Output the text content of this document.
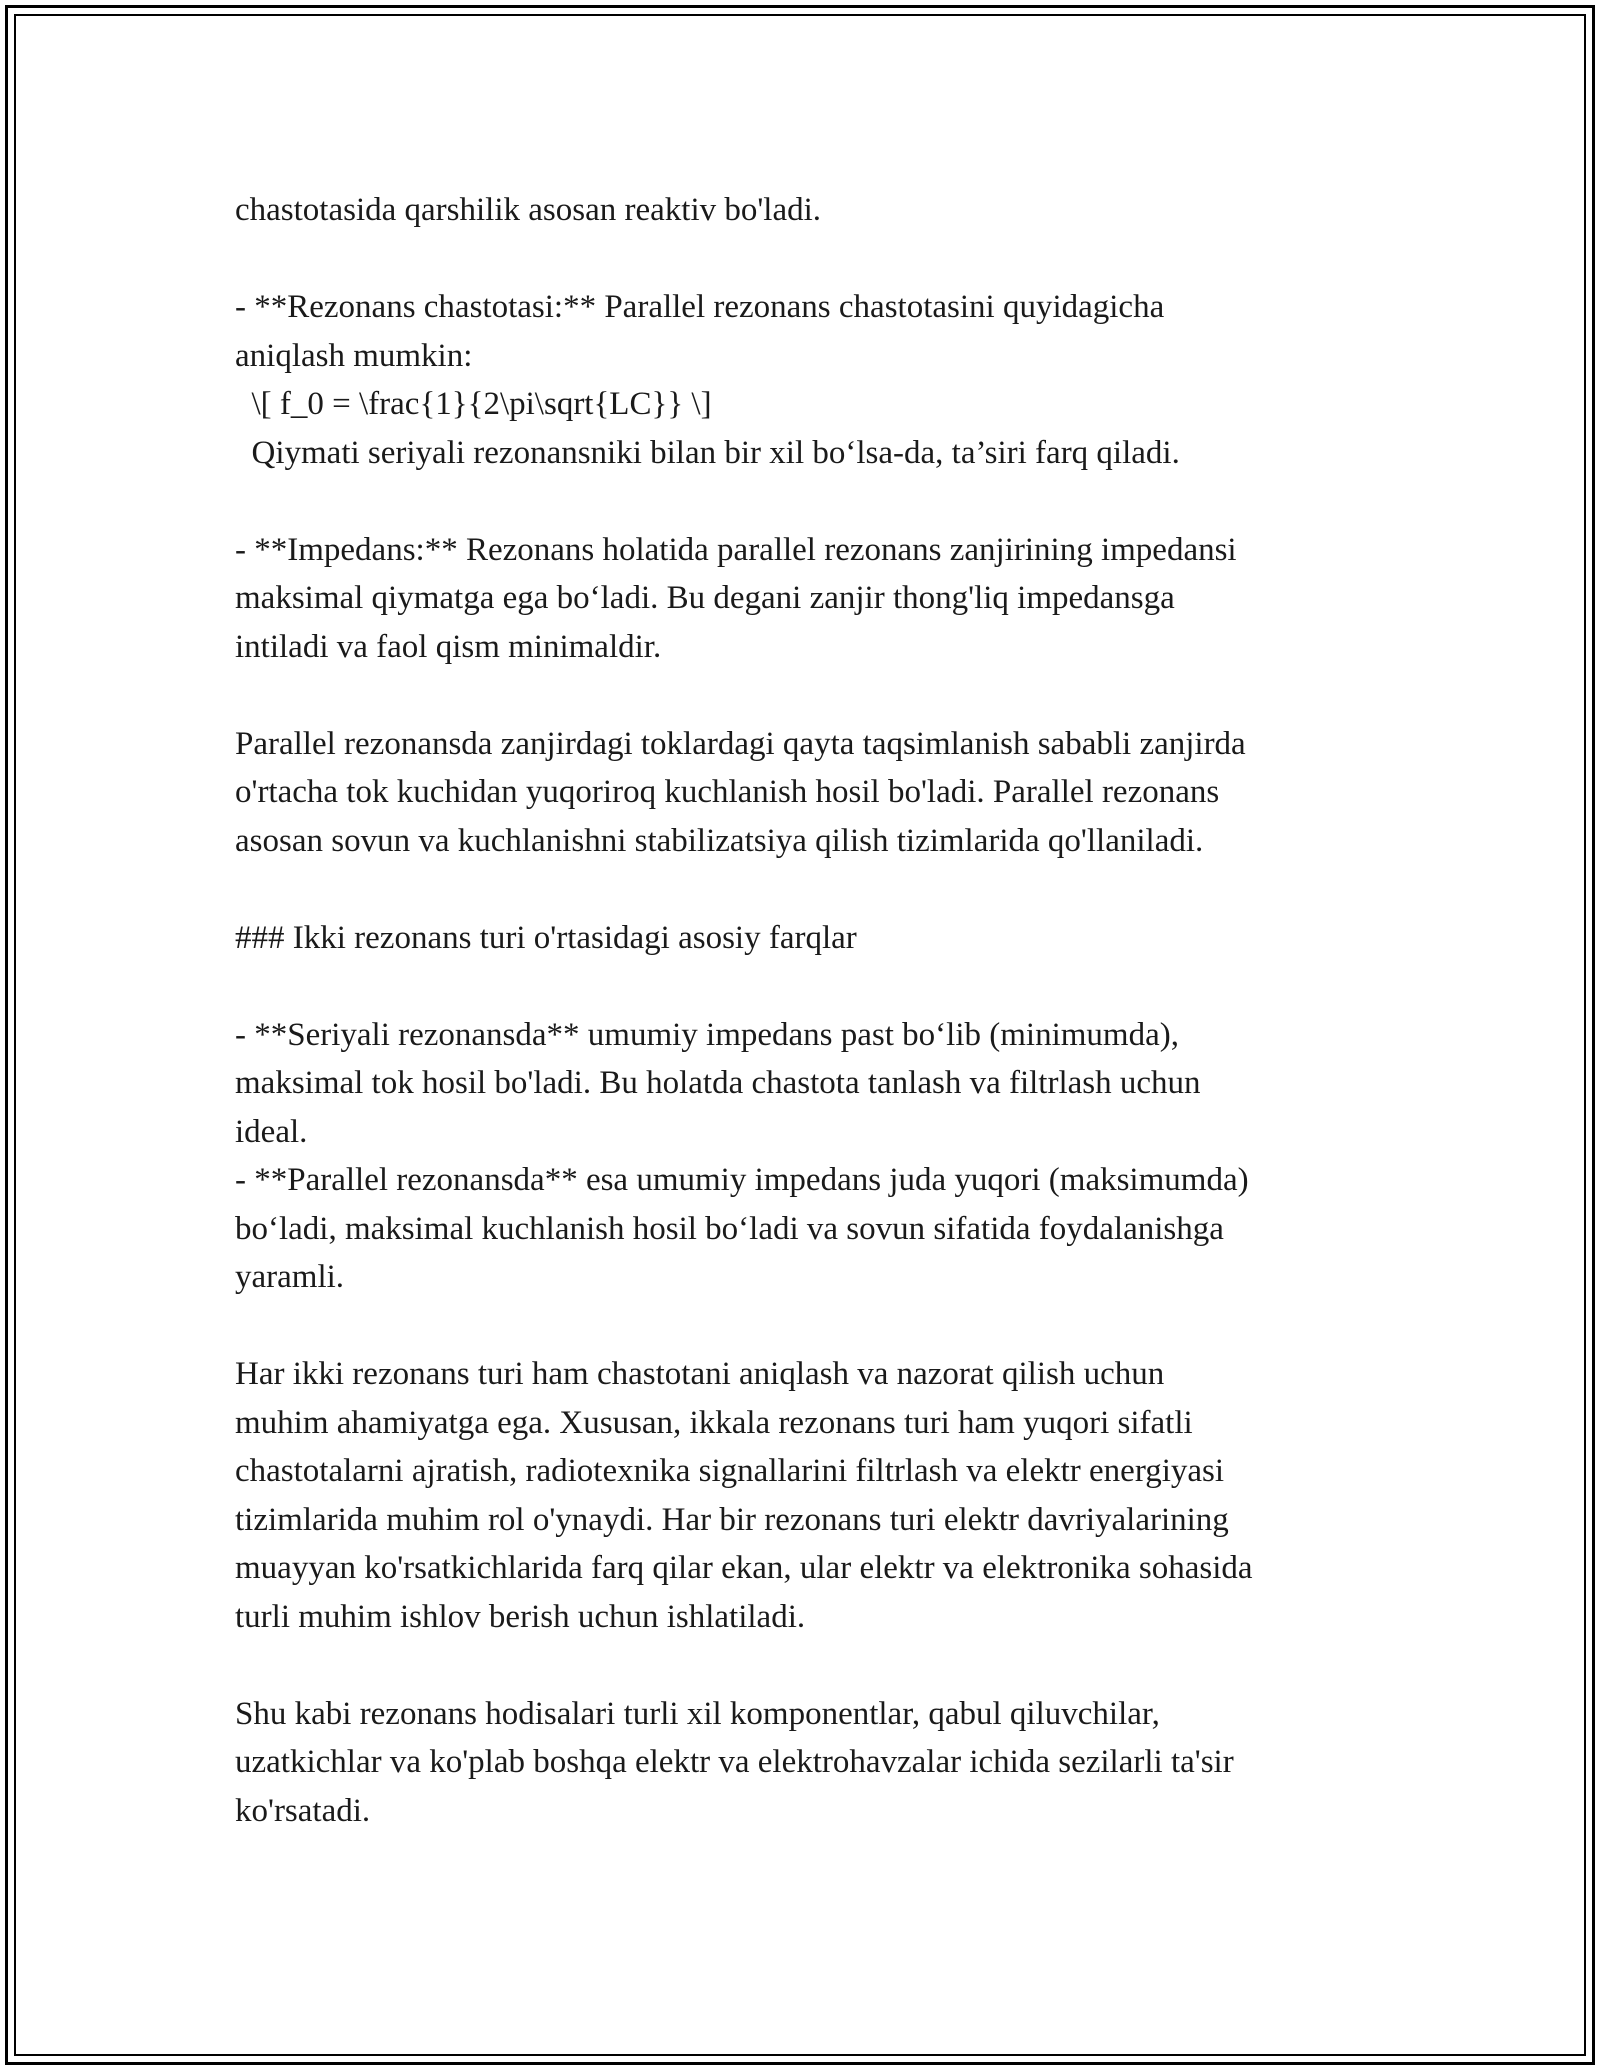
chastotasida qarshilik asosan reaktiv bo'ladi.
- **Rezonans chastotasi:** Parallel rezonans chastotasini quyidagicha
aniqlash mumkin:
\[ f_0 = \frac{1}{2\pi\sqrt{LC}} \]
Qiymati seriyali rezonansniki bilan bir xil bo‘lsa-da, ta’siri farq qiladi.
- **Impedans:** Rezonans holatida parallel rezonans zanjirining impedansi
maksimal qiymatga ega bo‘ladi. Bu degani zanjir thong'liq impedansga
intiladi va faol qism minimaldir.
Parallel rezonansda zanjirdagi toklardagi qayta taqsimlanish sababli zanjirda
o'rtacha tok kuchidan yuqoriroq kuchlanish hosil bo'ladi. Parallel rezonans
asosan sovun va kuchlanishni stabilizatsiya qilish tizimlarida qo'llaniladi.
### Ikki rezonans turi o'rtasidagi asosiy farqlar
- **Seriyali rezonansda** umumiy impedans past bo‘lib (minimumda),
maksimal tok hosil bo'ladi. Bu holatda chastota tanlash va filtrlash uchun
ideal.
- **Parallel rezonansda** esa umumiy impedans juda yuqori (maksimumda)
bo‘ladi, maksimal kuchlanish hosil bo‘ladi va sovun sifatida foydalanishga
yaramli.
Har ikki rezonans turi ham chastotani aniqlash va nazorat qilish uchun
muhim ahamiyatga ega. Xususan, ikkala rezonans turi ham yuqori sifatli
chastotalarni ajratish, radiotexnika signallarini filtrlash va elektr energiyasi
tizimlarida muhim rol o'ynaydi. Har bir rezonans turi elektr davriyalarining
muayyan ko'rsatkichlarida farq qilar ekan, ular elektr va elektronika sohasida
turli muhim ishlov berish uchun ishlatiladi.
Shu kabi rezonans hodisalari turli xil komponentlar, qabul qiluvchilar,
uzatkichlar va ko'plab boshqa elektr va elektrohavzalar ichida sezilarli ta'sir
ko'rsatadi.
